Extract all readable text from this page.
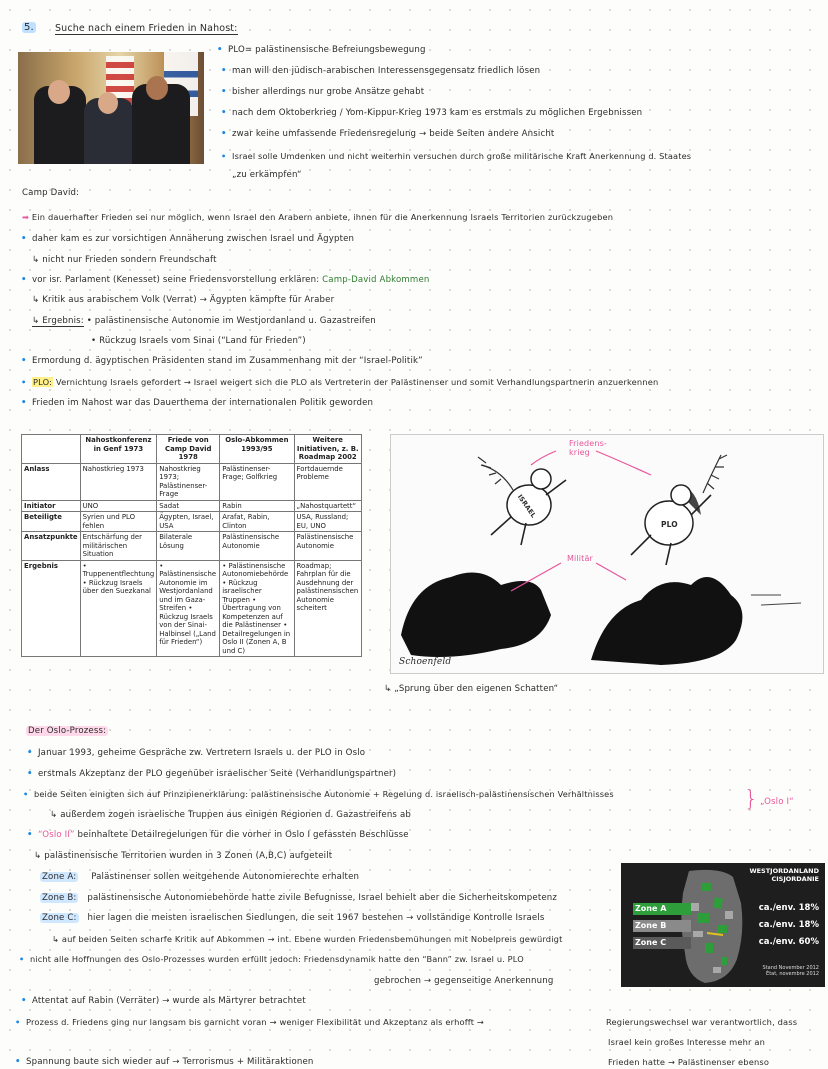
5. Suche nach einem Frieden in Nahost:
• PLO= palästinensische Befreiungsbewegung
• man will den jüdisch-arabischen Interessensgegensatz friedlich lösen
• bisher allerdings nur grobe Ansätze gehabt
• nach dem Oktoberkrieg / Yom-Kippur-Krieg 1973 kam es erstmals zu möglichen Ergebnissen
• zwar keine umfassende Friedensregelung → beide Seiten andere Ansicht
• Israel solle Umdenken und nicht weiterhin versuchen durch große militärische Kraft Anerkennung d. Staates
„zu erkämpfen“
Camp David:
➡ Ein dauerhafter Frieden sei nur möglich, wenn Israel den Arabern anbiete, ihnen für die Anerkennung Israels Territorien zurückzugeben
• daher kam es zur vorsichtigen Annäherung zwischen Israel und Ägypten
↳ nicht nur Frieden sondern Freundschaft
• vor isr. Parlament (Kenesset) seine Friedensvorstellung erklären: Camp-David Abkommen
↳ Kritik aus arabischem Volk (Verrat) → Ägypten kämpfte für Araber
↳ Ergebnis: • palästinensische Autonomie im Westjordanland u. Gazastreifen
• Rückzug Israels vom Sinai (“Land für Frieden”)
• Ermordung d. ägyptischen Präsidenten stand im Zusammenhang mit der “Israel-Politik”
• PLO: Vernichtung Israels gefordert → Israel weigert sich die PLO als Vertreterin der Palästinenser und somit Verhandlungspartnerin anzuerkennen
• Frieden im Nahost war das Dauerthema der internationalen Politik geworden
	Nahostkonferenz in Genf 1973	Friede von Camp David 1978	Oslo-Abkommen 1993/95	Weitere Initiativen, z. B. Roadmap 2002
Anlass	Nahostkrieg 1973	Nahostkrieg 1973; Palästinenser-Frage	Palästinenser-Frage; Golfkrieg	Fortdauernde Probleme
Initiator	UNO	Sadat	Rabin	„Nahostquartett“
Beteiligte	Syrien und PLO fehlen	Ägypten, Israel, USA	Arafat, Rabin, Clinton	USA, Russland; EU, UNO
Ansatzpunkte	Entschärfung der militärischen Situation	Bilaterale Lösung	Palästinensische Autonomie	Palästinensische Autonomie
Ergebnis	• Truppenentflechtung • Rückzug Israels über den Suezkanal	• Palästinensische Autonomie im Westjordanland und im Gaza-Streifen • Rückzug Israels von der Sinai-Halbinsel („Land für Frieden“)	• Palästinensische Autonomiebehörde • Rückzug israelischer Truppen • Übertragung von Kompetenzen auf die Palästinenser • Detailregelungen in Oslo II (Zonen A, B und C)	Roadmap; Fahrplan für die Ausdehnung der palästinensischen Autonomie scheitert
Friedens-krieg
Militär
ISRAEL
PLO
Schoenfeld
↳ „Sprung über den eigenen Schatten“
Der Oslo-Prozess:
• Januar 1993, geheime Gespräche zw. Vertretern Israels u. der PLO in Oslo
• erstmals Akzeptanz der PLO gegenüber israelischer Seite (Verhandlungspartner)
• beide Seiten einigten sich auf Prinzipienerklärung: palästinensische Autonomie + Regelung d. israelisch-palästinensischen Verhältnisses
↳ außerdem zogen israelische Truppen aus einigen Regionen d. Gazastreifens ab
} „Oslo I“
• “Oslo II” beinhaltete Detailregelungen für die vorher in Oslo I gefassten Beschlüsse
↳ palästinensische Territorien wurden in 3 Zonen (A,B,C) aufgeteilt
Zone A: Palästinenser sollen weitgehende Autonomierechte erhalten
Zone B: palästinensische Autonomiebehörde hatte zivile Befugnisse, Israel behielt aber die Sicherheitskompetenz
Zone C: hier lagen die meisten israelischen Siedlungen, die seit 1967 bestehen → vollständige Kontrolle Israels
↳ auf beiden Seiten scharfe Kritik auf Abkommen → int. Ebene wurden Friedensbemühungen mit Nobelpreis gewürdigt
• nicht alle Hoffnungen des Oslo-Prozesses wurden erfüllt jedoch: Friedensdynamik hatte den “Bann” zw. Israel u. PLO
gebrochen → gegenseitige Anerkennung
• Attentat auf Rabin (Verräter) → wurde als Märtyrer betrachtet
• Prozess d. Friedens ging nur langsam bis garnicht voran → weniger Flexibilität und Akzeptanz als erhofft →	Regierungswechsel war verantwortlich, dass
Israel kein großes Interesse mehr an
Frieden hatte → Palästinenser ebenso
• Spannung baute sich wieder auf → Terrorismus + Militäraktionen
WESTJORDANLAND
CISJORDANIE
Zone A
Zone B
Zone C
ca./env. 18%
ca./env. 18%
ca./env. 60%
Stand November 2012
État, novembre 2012
